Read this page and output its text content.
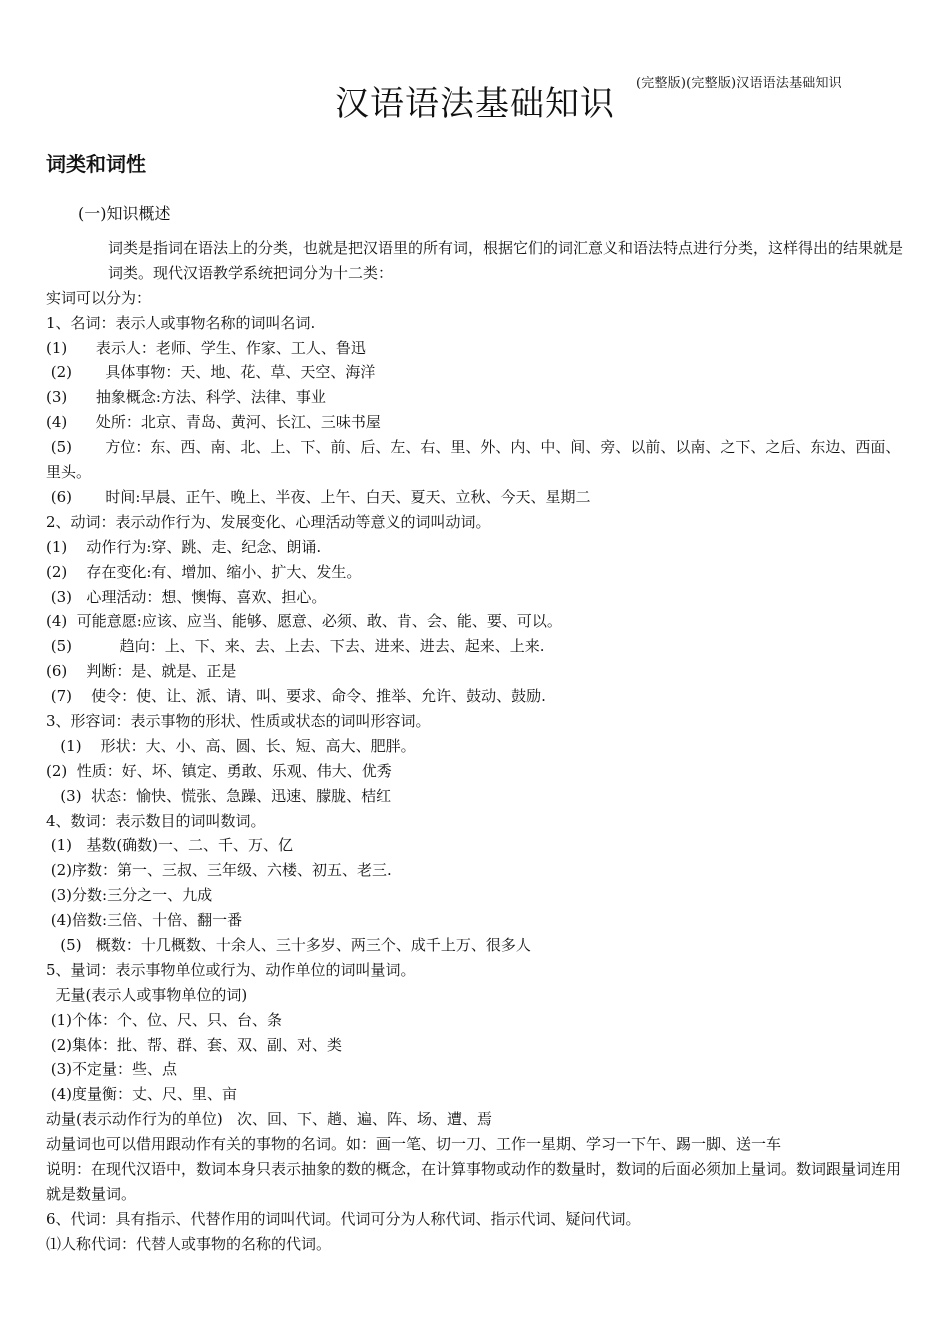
(完整版)(完整版)汉语语法基础知识
汉语语法基础知识
词类和词性
(一)知识概述
词类是指词在语法上的分类，也就是把汉语里的所有词，根据它们的词汇意义和语法特点进行分类，这样得出的结果就是词类。现代汉语教学系统把词分为十二类：
实词可以分为：
1、名词：表示人或事物名称的词叫名词.
(1)      表示人：老师、学生、作家、工人、鲁迅
(2)       具体事物：天、地、花、草、天空、海洋
(3)      抽象概念:方法、科学、法律、事业
(4)      处所：北京、青岛、黄河、长江、三味书屋
(5)       方位：东、西、南、北、上、下、前、后、左、右、里、外、内、中、间、旁、以前、以南、之下、之后、东边、西面、里头。
(6)       时间:早晨、正午、晚上、半夜、上午、白天、夏天、立秋、今天、星期二
2、动词：表示动作行为、发展变化、心理活动等意义的词叫动词。
(1)    动作行为:穿、跳、走、纪念、朗诵.
(2)    存在变化:有、增加、缩小、扩大、发生。
(3)   心理活动：想、懊悔、喜欢、担心。
(4)  可能意愿:应该、应当、能够、愿意、必须、敢、肯、会、能、要、可以。
(5)          趋向：上、下、来、去、上去、下去、进来、进去、起来、上来.
(6)    判断：是、就是、正是
(7)    使令：使、让、派、请、叫、要求、命令、推举、允许、鼓动、鼓励.
3、形容词：表示事物的形状、性质或状态的词叫形容词。
(1)    形状：大、小、高、圆、长、短、高大、肥胖。
(2)  性质：好、坏、镇定、勇敢、乐观、伟大、优秀
(3)  状态：愉快、慌张、急躁、迅速、朦胧、桔红
4、数词：表示数目的词叫数词。
(1)   基数(确数)一、二、千、万、亿
(2)序数：第一、三叔、三年级、六楼、初五、老三.
(3)分数:三分之一、九成
(4)倍数:三倍、十倍、翻一番
(5)   概数：十几概数、十余人、三十多岁、两三个、成千上万、很多人
5、量词：表示事物单位或行为、动作单位的词叫量词。
无量(表示人或事物单位的词)
(1)个体：个、位、尺、只、台、条
(2)集体：批、帮、群、套、双、副、对、类
(3)不定量：些、点
(4)度量衡：丈、尺、里、亩
动量(表示动作行为的单位)   次、回、下、趟、遍、阵、场、遭、焉
动量词也可以借用跟动作有关的事物的名词。如：画一笔、切一刀、工作一星期、学习一下午、踢一脚、送一车
说明：在现代汉语中，数词本身只表示抽象的数的概念，在计算事物或动作的数量时，数词的后面必须加上量词。数词跟量词连用就是数量词。
6、代词：具有指示、代替作用的词叫代词。代词可分为人称代词、指示代词、疑问代词。
⑴人称代词：代替人或事物的名称的代词。
